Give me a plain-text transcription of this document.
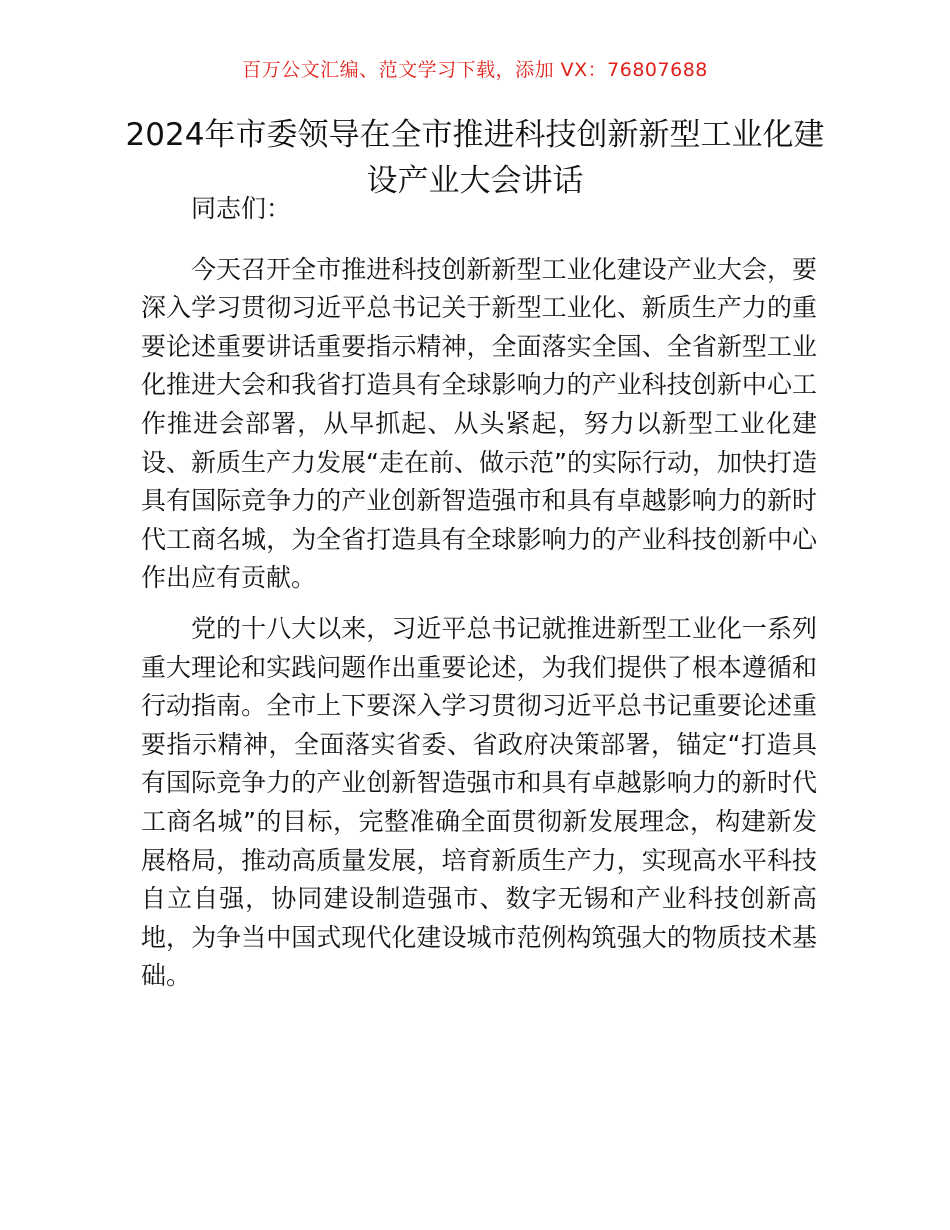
百万公文汇编、范文学习下载，添加 VX：76807688
2024年市委领导在全市推进科技创新新型工业化建设产业大会讲话

同志们：

今天召开全市推进科技创新新型工业化建设产业大会，要深入学习贯彻习近平总书记关于新型工业化、新质生产力的重要论述重要讲话重要指示精神，全面落实全国、全省新型工业化推进大会和我省打造具有全球影响力的产业科技创新中心工作推进会部署，从早抓起、从头紧起，努力以新型工业化建设、新质生产力发展“走在前、做示范”的实际行动，加快打造具有国际竞争力的产业创新智造强市和具有卓越影响力的新时代工商名城，为全省打造具有全球影响力的产业科技创新中心作出应有贡献。

党的十八大以来，习近平总书记就推进新型工业化一系列重大理论和实践问题作出重要论述，为我们提供了根本遵循和行动指南。全市上下要深入学习贯彻习近平总书记重要论述重要指示精神，全面落实省委、省政府决策部署，锚定“打造具有国际竞争力的产业创新智造强市和具有卓越影响力的新时代工商名城”的目标，完整准确全面贯彻新发展理念，构建新发展格局，推动高质量发展，培育新质生产力，实现高水平科技自立自强，协同建设制造强市、数字无锡和产业科技创新高地，为争当中国式现代化建设城市范例构筑强大的物质技术基础。
